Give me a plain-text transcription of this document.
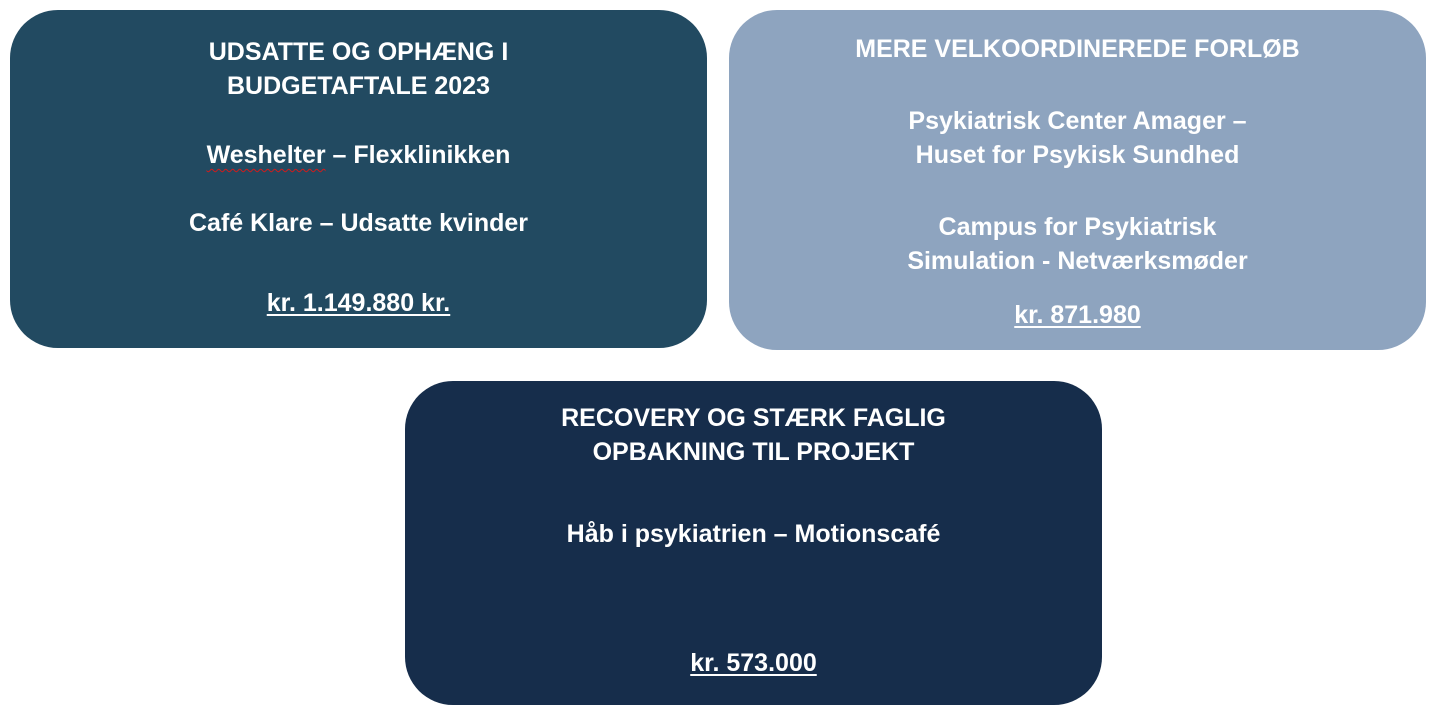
UDSATTE OG OPHÆNG I
BUDGETAFTALE 2023
Weshelter – Flexklinikken
Café Klare – Udsatte kvinder
kr. 1.149.880 kr.
MERE VELKOORDINEREDE FORLØB
Psykiatrisk Center Amager –
Huset for Psykisk Sundhed
Campus for Psykiatrisk
Simulation - Netværksmøder
kr. 871.980
RECOVERY OG STÆRK FAGLIG
OPBAKNING TIL PROJEKT
Håb i psykiatrien – Motionscafé
kr. 573.000
